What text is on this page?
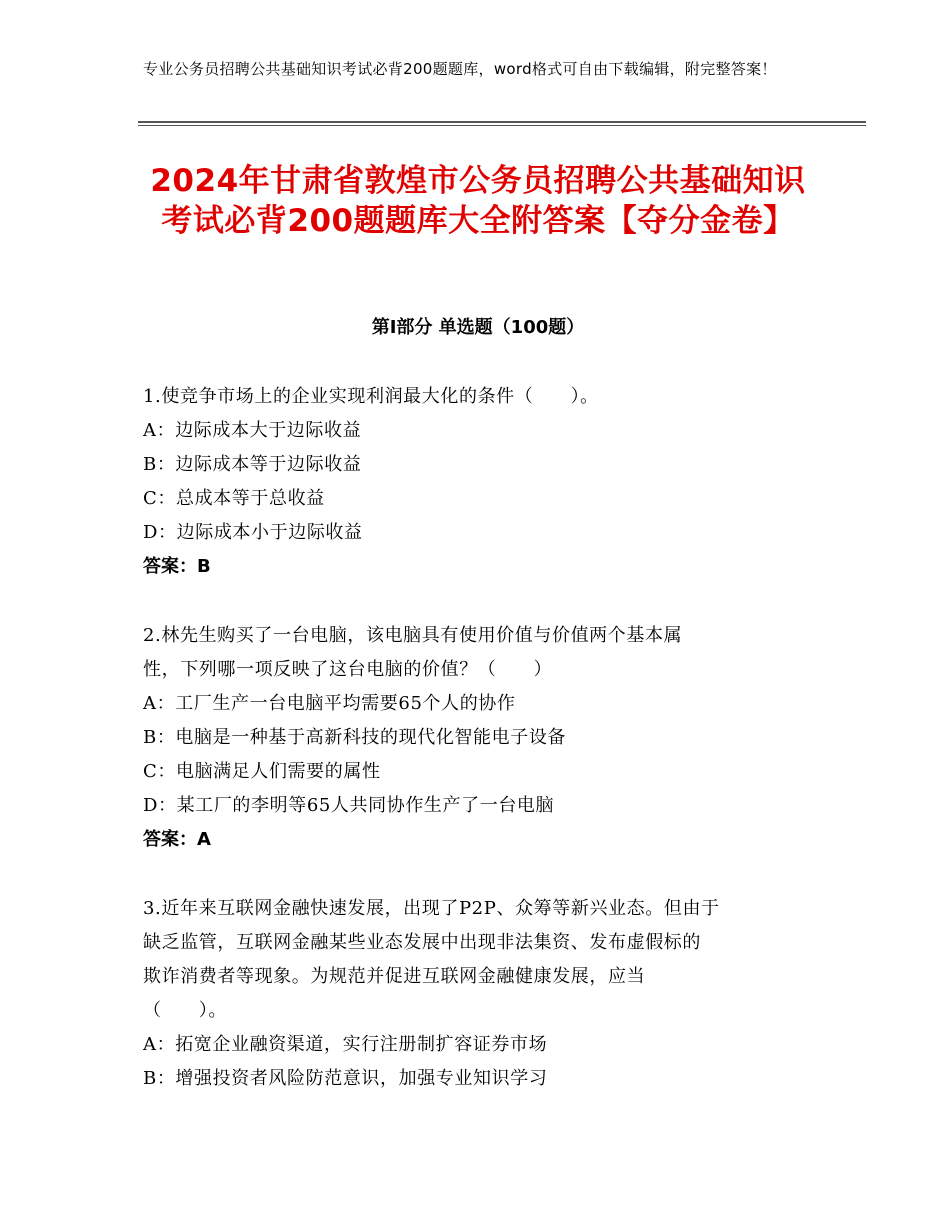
专业公务员招聘公共基础知识考试必背200题题库，word格式可自由下载编辑，附完整答案！
2024年甘肃省敦煌市公务员招聘公共基础知识考试必背200题题库大全附答案【夺分金卷】
第Ⅰ部分 单选题（100题）
1.使竞争市场上的企业实现利润最大化的条件（　　）。
A：边际成本大于边际收益
B：边际成本等于边际收益
C：总成本等于总收益
D：边际成本小于边际收益
答案：B
2.林先生购买了一台电脑，该电脑具有使用价值与价值两个基本属
性，下列哪一项反映了这台电脑的价值？（　　）
A：工厂生产一台电脑平均需要65个人的协作
B：电脑是一种基于高新科技的现代化智能电子设备
C：电脑满足人们需要的属性
D：某工厂的李明等65人共同协作生产了一台电脑
答案：A
3.近年来互联网金融快速发展，出现了P2P、众筹等新兴业态。但由于
缺乏监管，互联网金融某些业态发展中出现非法集资、发布虚假标的
欺诈消费者等现象。为规范并促进互联网金融健康发展，应当
（　　）。
A：拓宽企业融资渠道，实行注册制扩容证券市场
B：增强投资者风险防范意识，加强专业知识学习
